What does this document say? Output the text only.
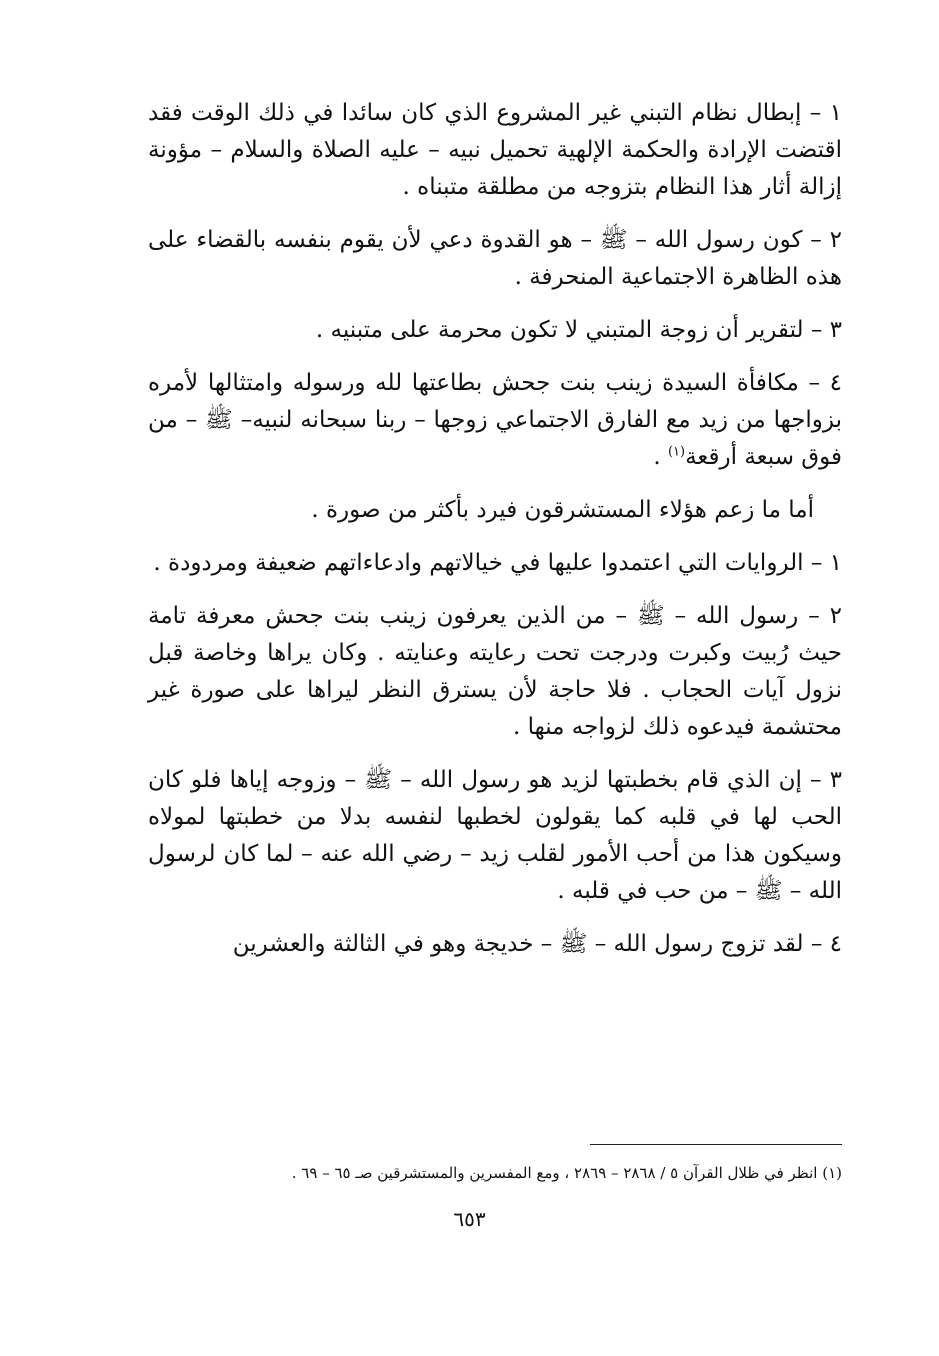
١ – إبطال نظام التبني غير المشروع الذي كان سائدا في ذلك الوقت فقد اقتضت الإرادة والحكمة الإلهية تحميل نبيه – عليه الصلاة والسلام – مؤونة إزالة أثار هذا النظام بتزوجه من مطلقة متبناه .

٢ – كون رسول الله – ﷺ – هو القدوة دعي لأن يقوم بنفسه بالقضاء على هذه الظاهرة الاجتماعية المنحرفة .

٣ – لتقرير أن زوجة المتبني لا تكون محرمة على متبنيه .

٤ – مكافأة السيدة زينب بنت جحش بطاعتها لله ورسوله وامتثالها لأمره بزواجها من زيد مع الفارق الاجتماعي زوجها – ربنا سبحانه لنبيه– ﷺ – من فوق سبعة أرقعة$^{(١)}$ .

أما ما زعم هؤلاء المستشرقون فيرد بأكثر من صورة .

١ – الروايات التي اعتمدوا عليها في خيالاتهم وادعاءاتهم ضعيفة ومردودة .

٢ – رسول الله – ﷺ – من الذين يعرفون زينب بنت جحش معرفة تامة حيث رُبيت وكبرت ودرجت تحت رعايته وعنايته . وكان يراها وخاصة قبل نزول آيات الحجاب . فلا حاجة لأن يسترق النظر ليراها على صورة غير محتشمة فيدعوه ذلك لزواجه منها .

٣ – إن الذي قام بخطبتها لزيد هو رسول الله – ﷺ – وزوجه إياها فلو كان الحب لها في قلبه كما يقولون لخطبها لنفسه بدلا من خطبتها لمولاه وسيكون هذا من أحب الأمور لقلب زيد – رضي الله عنه – لما كان لرسول الله – ﷺ – من حب في قلبه .

٤ – لقد تزوج رسول الله – ﷺ – خديجة وهو في الثالثة والعشرين

(١) انظر في ظلال القرآن ٥ / ٢٨٦٨ – ٢٨٦٩ ، ومع المفسرين والمستشرقين صـ ٦٥ – ٦٩ .
٦٥٣
